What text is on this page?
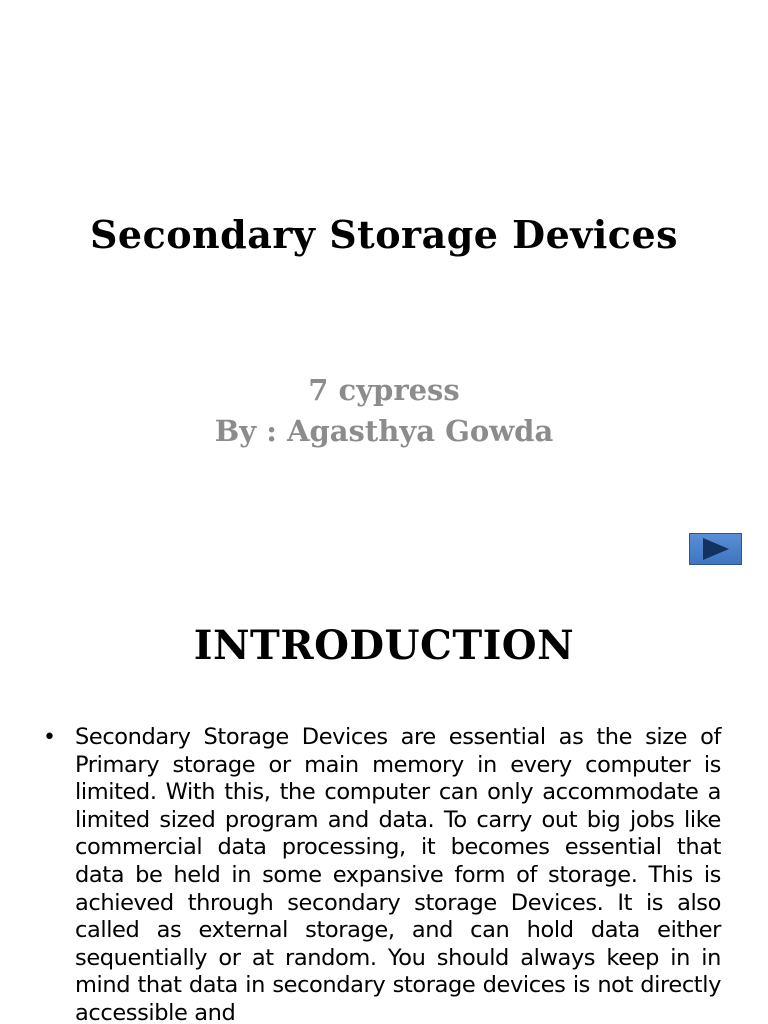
Secondary Storage Devices

7 cypress

By : Agasthya Gowda

INTRODUCTION
• Secondary Storage Devices are essential as the size of Primary storage or main memory in every computer is limited. With this, the computer can only accommodate a limited sized program and data. To carry out big jobs like commercial data processing, it becomes essential that data be held in some expansive form of storage. This is achieved through secondary storage Devices. It is also called as external storage, and can hold data either sequentially or at random. You should always keep in in mind that data in secondary storage devices is not directly accessible and
